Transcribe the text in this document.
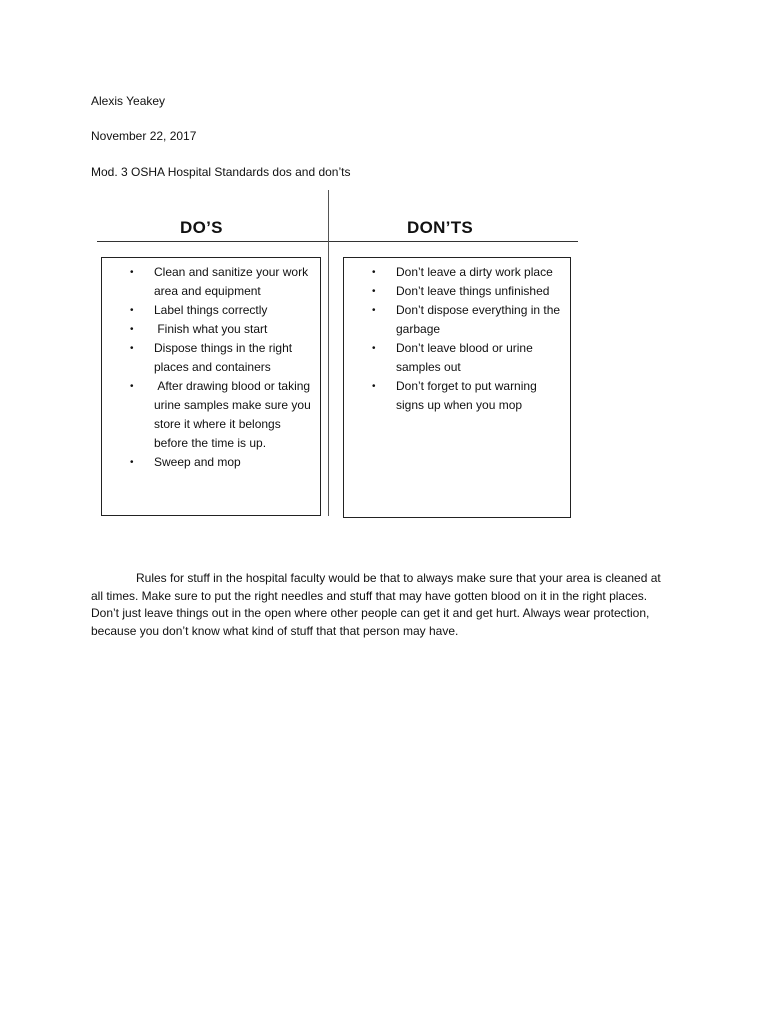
Alexis Yeakey
November 22, 2017
Mod. 3 OSHA Hospital Standards dos and don’ts
DO’S	DON’TS
• Clean and sanitize your work area and equipment
• Label things correctly
• Finish what you start
• Dispose things in the right places and containers
• After drawing blood or taking urine samples make sure you store it where it belongs before the time is up.
• Sweep and mop
• Don’t leave a dirty work place
• Don’t leave things unfinished
• Don’t dispose everything in the garbage
• Don’t leave blood or urine samples out
• Don’t forget to put warning signs up when you mop

Rules for stuff in the hospital faculty would be that to always make sure that your area is cleaned at all times. Make sure to put the right needles and stuff that may have gotten blood on it in the right places. Don’t just leave things out in the open where other people can get it and get hurt. Always wear protection, because you don’t know what kind of stuff that that person may have.
